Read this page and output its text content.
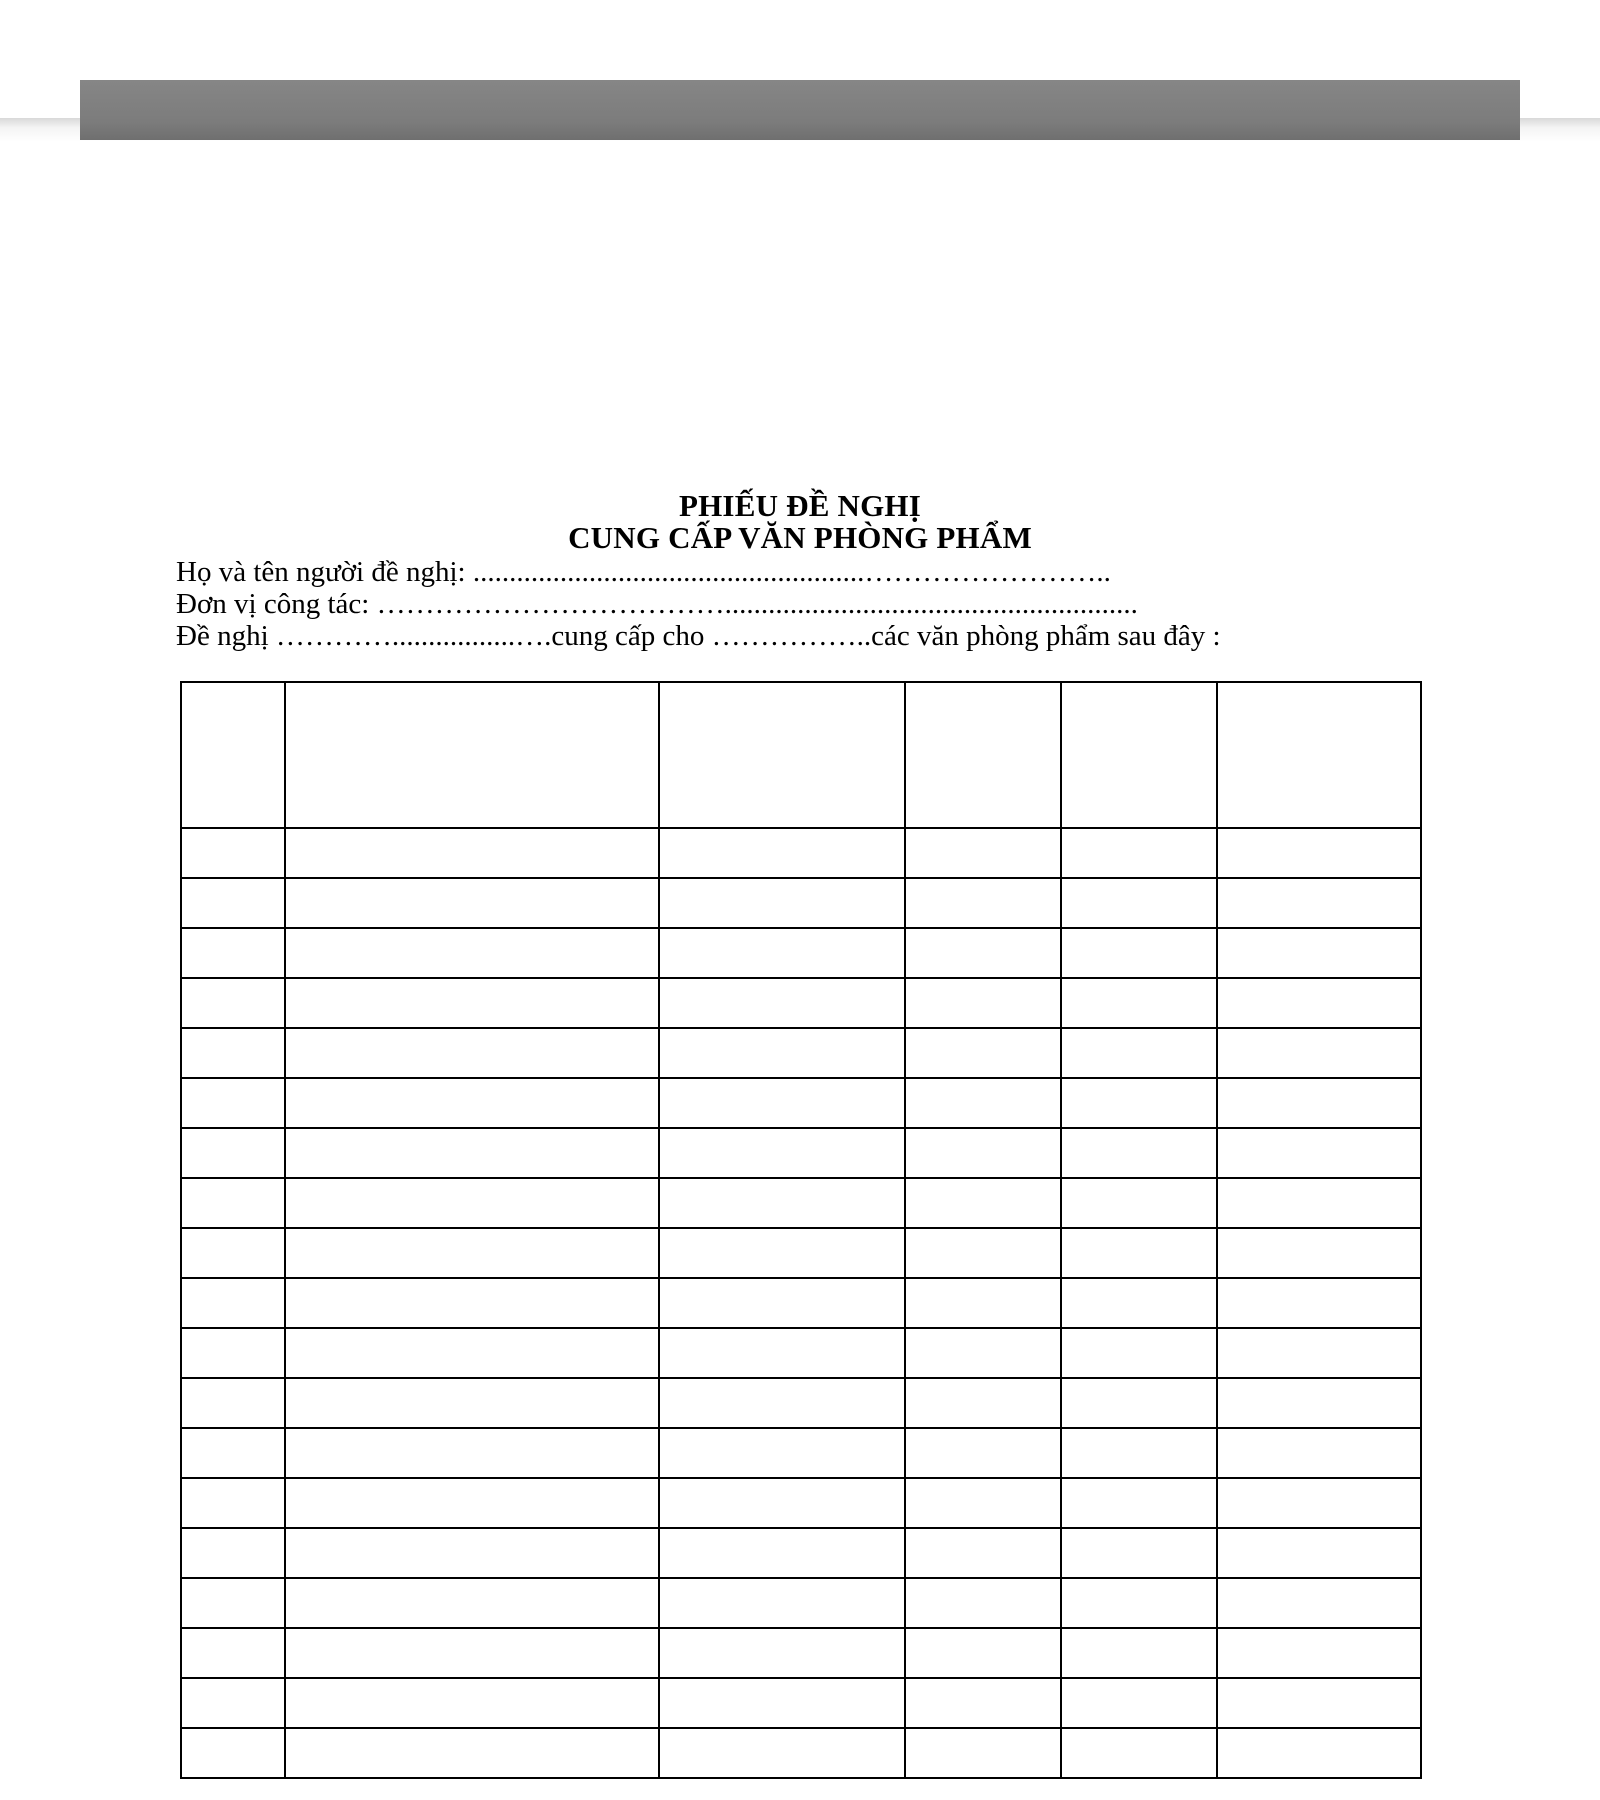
PHIẾU ĐỀ NGHỊ
CUNG CẤP VĂN PHÒNG PHẨM
Họ và tên người đề nghị: ......................................................……………………..
Đơn vị công tác: ……………………………….........................................................
Đề nghị ………….................….cung cấp cho ……………..các văn phòng phẩm sau đây :
